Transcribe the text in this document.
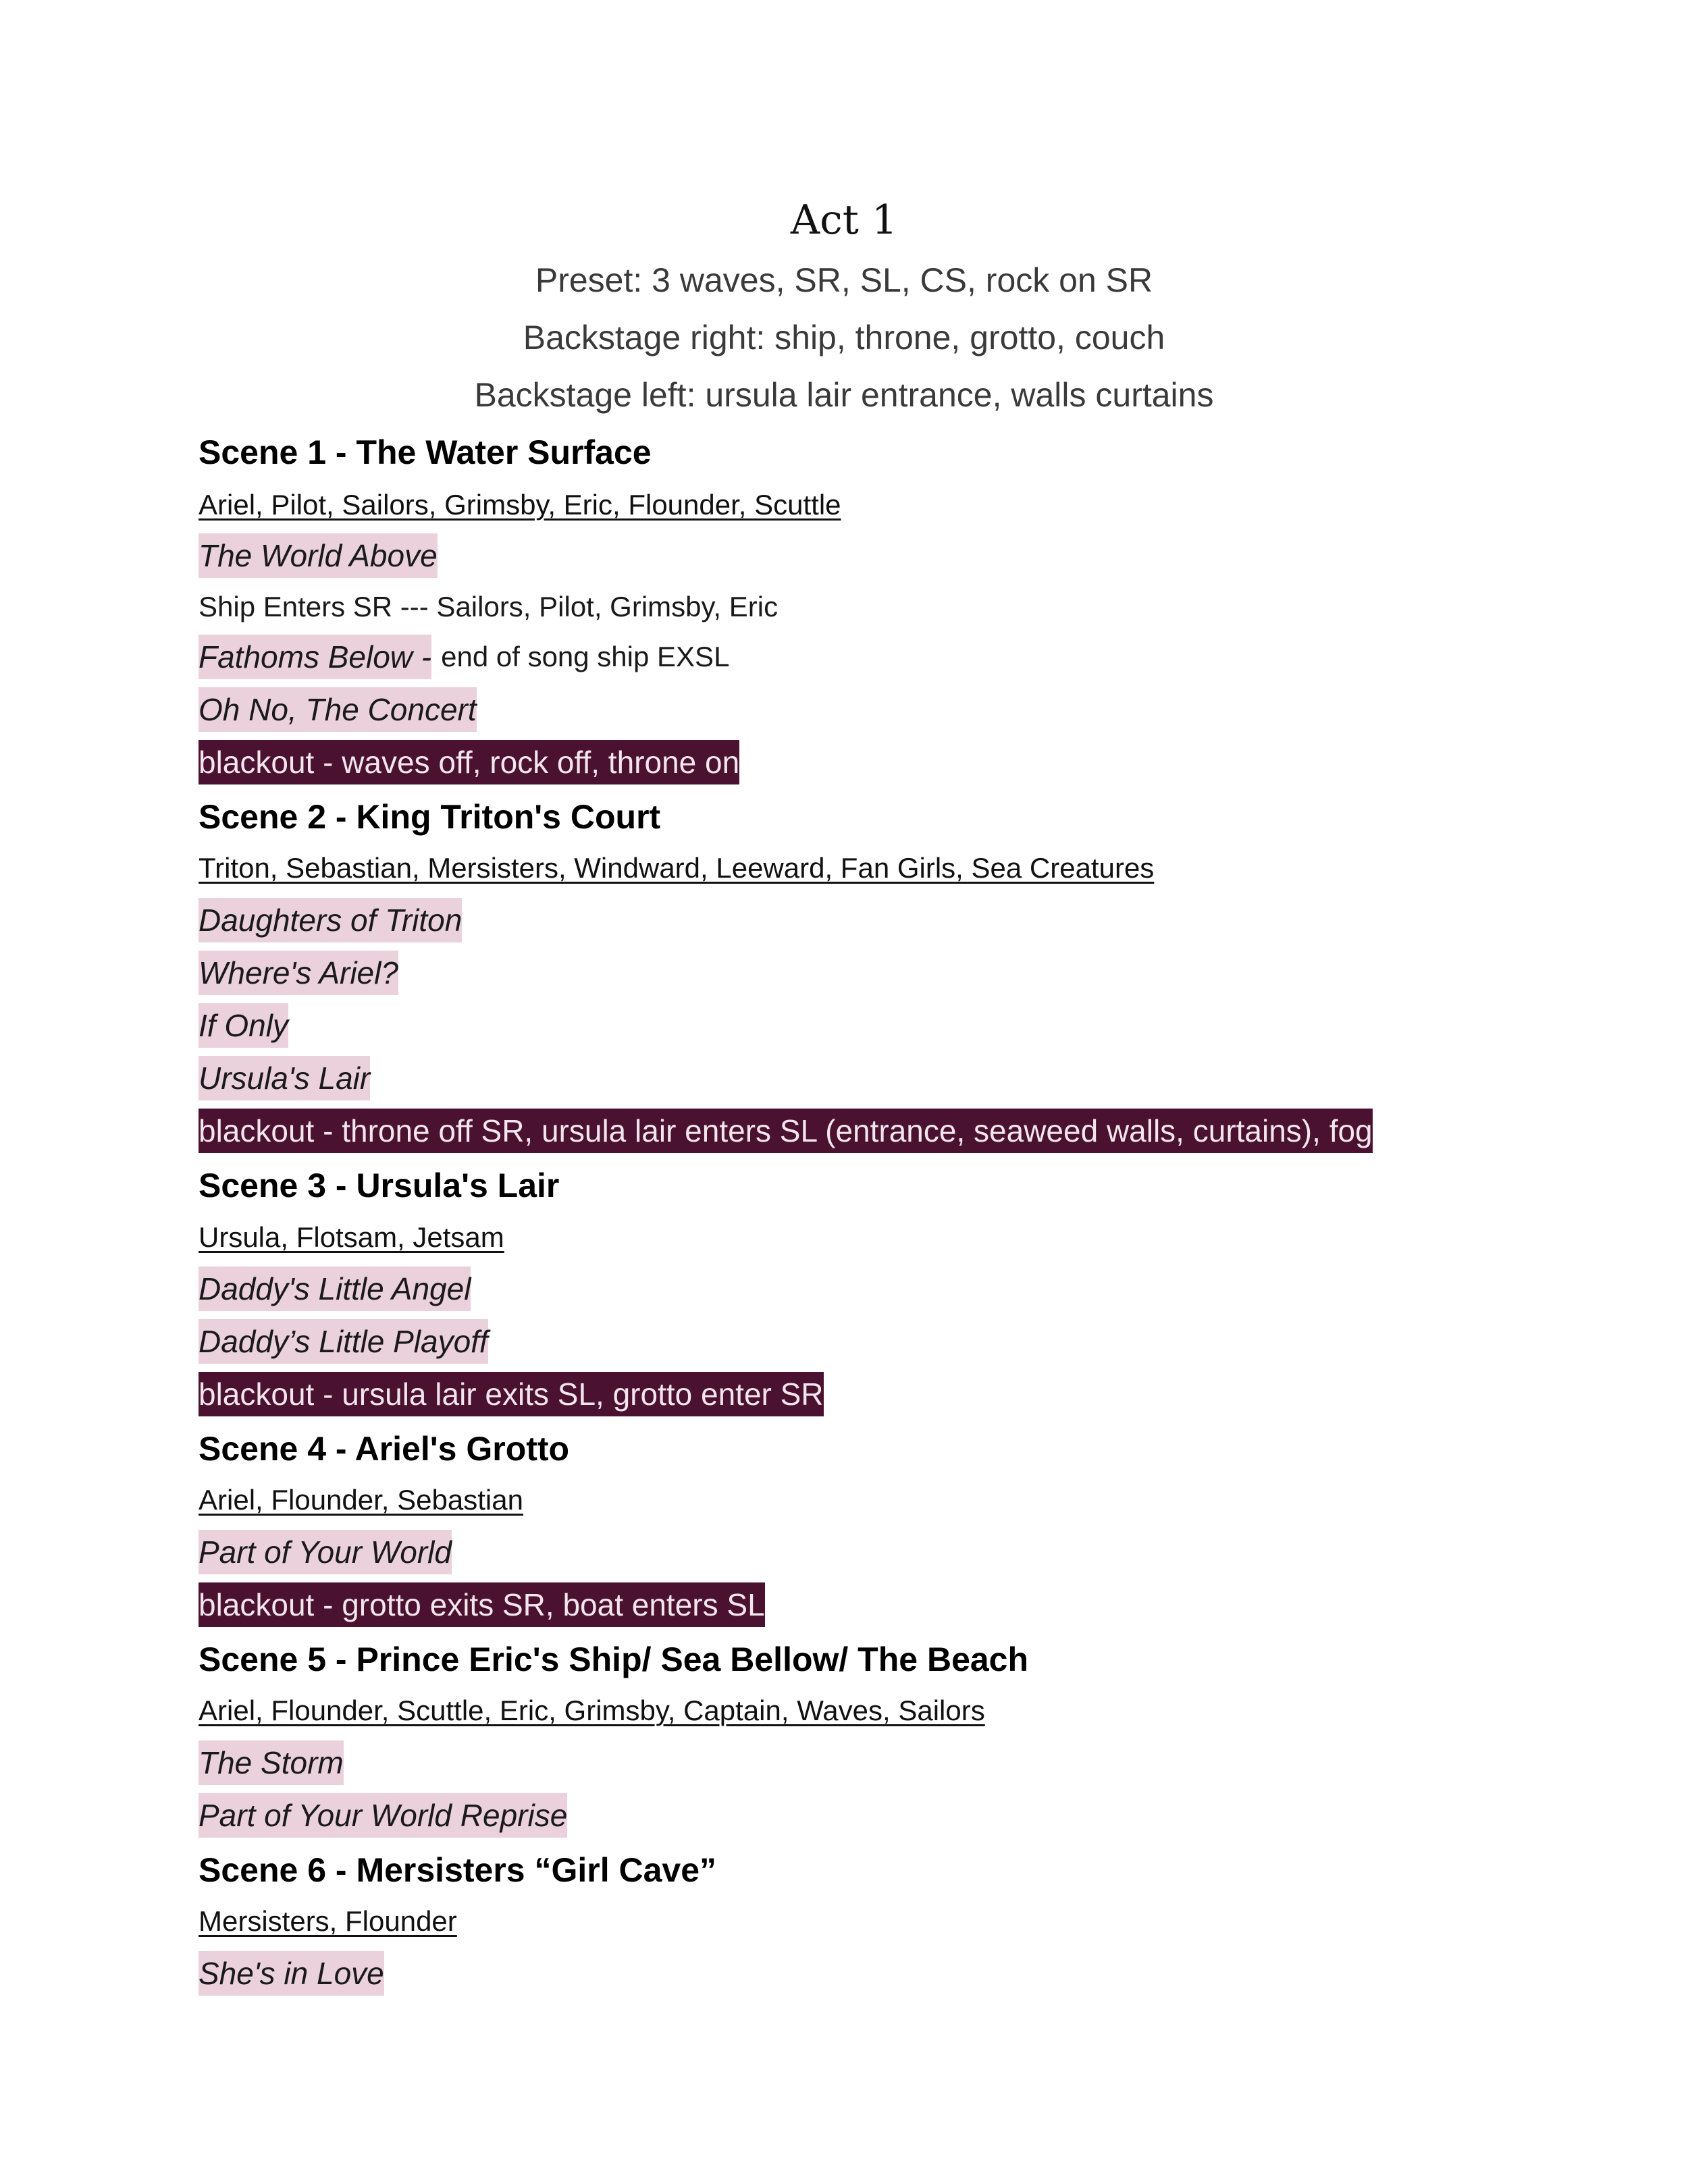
Act 1
Preset: 3 waves, SR, SL, CS, rock on SR
Backstage right: ship, throne, grotto, couch
Backstage left: ursula lair entrance, walls curtains
Scene 1 - The Water Surface
Ariel, Pilot, Sailors, Grimsby, Eric, Flounder, Scuttle
The World Above
Ship Enters SR --- Sailors, Pilot, Grimsby, Eric
Fathoms Below - end of song ship EXSL
Oh No, The Concert
blackout - waves off, rock off, throne on
Scene 2 - King Triton's Court
Triton, Sebastian, Mersisters, Windward, Leeward, Fan Girls, Sea Creatures
Daughters of Triton
Where's Ariel?
If Only
Ursula's Lair
blackout - throne off SR, ursula lair enters SL (entrance, seaweed walls, curtains), fog
Scene 3 - Ursula's Lair
Ursula, Flotsam, Jetsam
Daddy's Little Angel
Daddy’s Little Playoff
blackout - ursula lair exits SL, grotto enter SR
Scene 4 - Ariel's Grotto
Ariel, Flounder, Sebastian
Part of Your World
blackout - grotto exits SR, boat enters SL
Scene 5 - Prince Eric's Ship/ Sea Bellow/ The Beach
Ariel, Flounder, Scuttle, Eric, Grimsby, Captain, Waves, Sailors
The Storm
Part of Your World Reprise
Scene 6 - Mersisters “Girl Cave”
Mersisters, Flounder
She's in Love
